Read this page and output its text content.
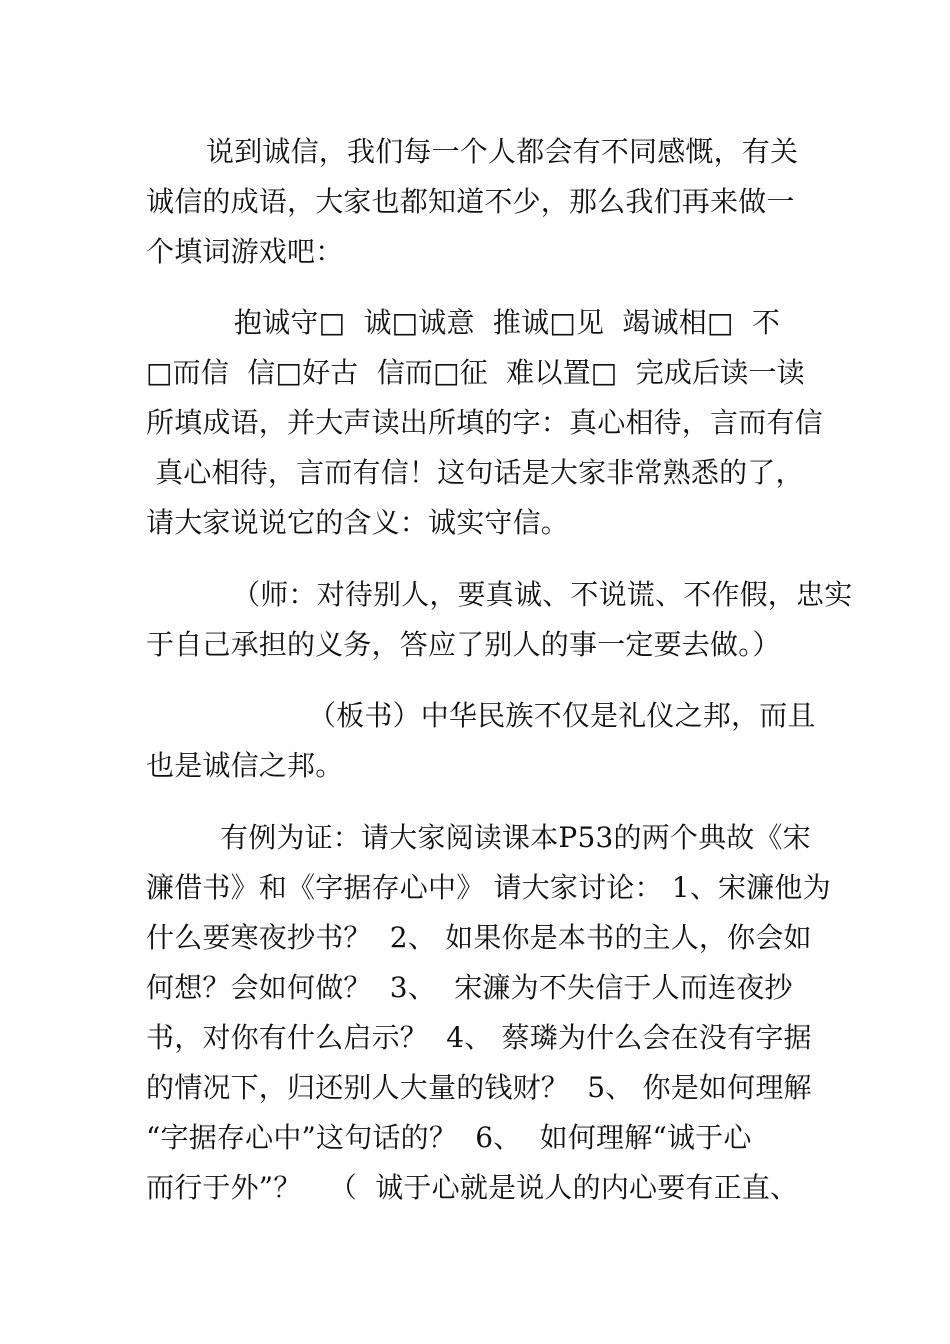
说到诚信，我们每一个人都会有不同感慨，有关
诚信的成语，大家也都知道不少，那么我们再来做一
个填词游戏吧：
抱诚守□  诚□诚意  推诚□见  竭诚相□  不
□而信  信□好古  信而□征  难以置□  完成后读一读
所填成语，并大声读出所填的字：真心相待，言而有信
真心相待，言而有信！这句话是大家非常熟悉的了，
请大家说说它的含义：诚实守信。
（师：对待别人，要真诚、不说谎、不作假，忠实
于自己承担的义务，答应了别人的事一定要去做。）
（板书）中华民族不仅是礼仪之邦，而且
也是诚信之邦。
有例为证：请大家阅读课本P53的两个典故《宋
濂借书》和《字据存心中》 请大家讨论： 1、宋濂他为
什么要寒夜抄书？  2、 如果你是本书的主人，你会如
何想？会如何做？  3、  宋濂为不失信于人而连夜抄
书，对你有什么启示？  4、 蔡璘为什么会在没有字据
的情况下，归还别人大量的钱财？  5、 你是如何理解
“字据存心中”这句话的？  6、  如何理解“诚于心
而行于外”？   （  诚于心就是说人的内心要有正直、
